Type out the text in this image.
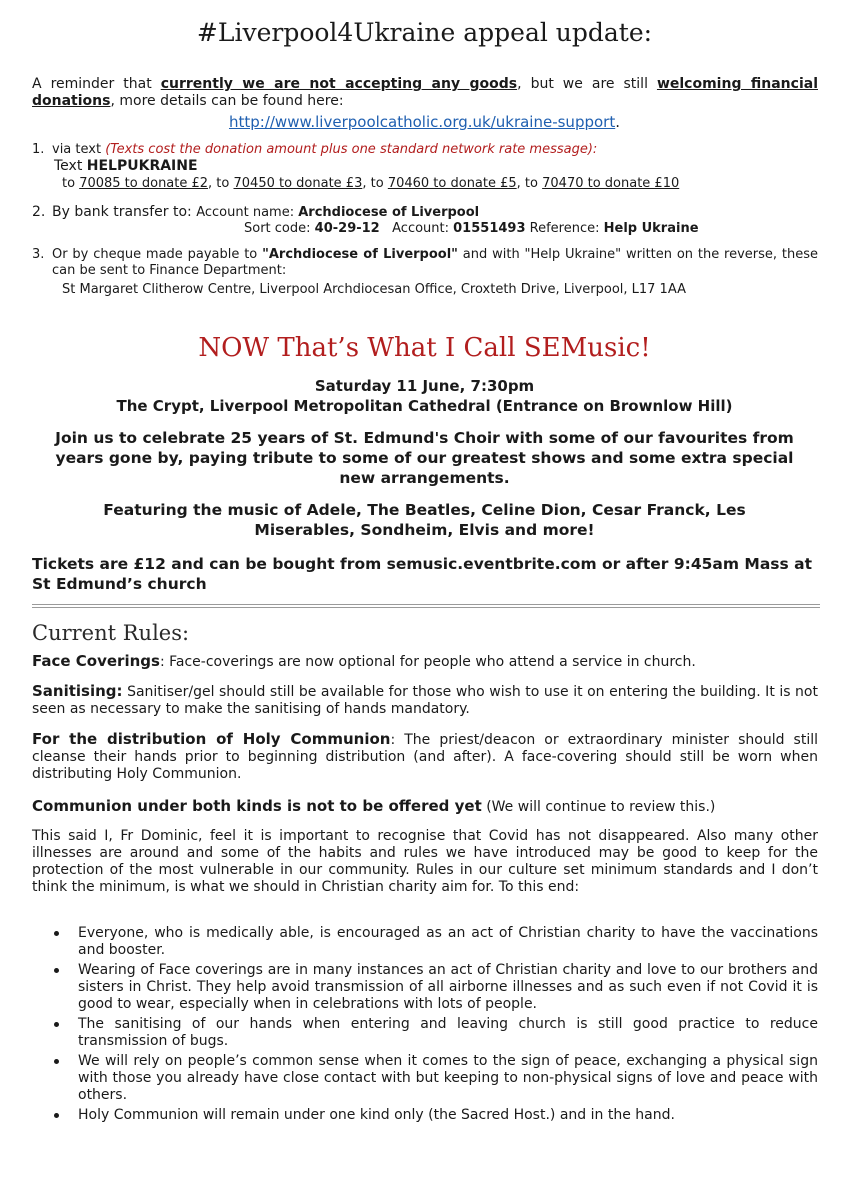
#Liverpool4Ukraine appeal update:
A reminder that currently we are not accepting any goods, but we are still welcoming financial donations, more details can be found here:
http://www.liverpoolcatholic.org.uk/ukraine-support.
1. via text (Texts cost the donation amount plus one standard network rate message):
Text HELPUKRAINE
to 70085 to donate £2, to 70450 to donate £3, to 70460 to donate £5, to 70470 to donate £10
2. By bank transfer to: Account name: Archdiocese of Liverpool
Sort code: 40-29-12   Account: 01551493 Reference: Help Ukraine
3. Or by cheque made payable to "Archdiocese of Liverpool" and with "Help Ukraine" written on the reverse, these can be sent to Finance Department:
St Margaret Clitherow Centre, Liverpool Archdiocesan Office, Croxteth Drive, Liverpool, L17 1AA
NOW That’s What I Call SEMusic!
Saturday 11 June, 7:30pm
The Crypt, Liverpool Metropolitan Cathedral (Entrance on Brownlow Hill)
Join us to celebrate 25 years of St. Edmund's Choir with some of our favourites from years gone by, paying tribute to some of our greatest shows and some extra special new arrangements.
Featuring the music of Adele, The Beatles, Celine Dion, Cesar Franck, Les Miserables, Sondheim, Elvis and more!
Tickets are £12 and can be bought from semusic.eventbrite.com or after 9:45am Mass at St Edmund’s church
Current Rules:
Face Coverings: Face-coverings are now optional for people who attend a service in church.
Sanitising: Sanitiser/gel should still be available for those who wish to use it on entering the building. It is not seen as necessary to make the sanitising of hands mandatory.
For the distribution of Holy Communion: The priest/deacon or extraordinary minister should still cleanse their hands prior to beginning distribution (and after). A face-covering should still be worn when distributing Holy Communion.
Communion under both kinds is not to be offered yet (We will continue to review this.)
This said I, Fr Dominic, feel it is important to recognise that Covid has not disappeared. Also many other illnesses are around and some of the habits and rules we have introduced may be good to keep for the protection of the most vulnerable in our community. Rules in our culture set minimum standards and I don’t think the minimum, is what we should in Christian charity aim for. To this end:
Everyone, who is medically able, is encouraged as an act of Christian charity to have the vaccinations and booster.
Wearing of Face coverings are in many instances an act of Christian charity and love to our brothers and sisters in Christ. They help avoid transmission of all airborne illnesses and as such even if not Covid it is good to wear, especially when in celebrations with lots of people.
The sanitising of our hands when entering and leaving church is still good practice to reduce transmission of bugs.
We will rely on people’s common sense when it comes to the sign of peace, exchanging a physical sign with those you already have close contact with but keeping to non-physical signs of love and peace with others.
Holy Communion will remain under one kind only (the Sacred Host.) and in the hand.
